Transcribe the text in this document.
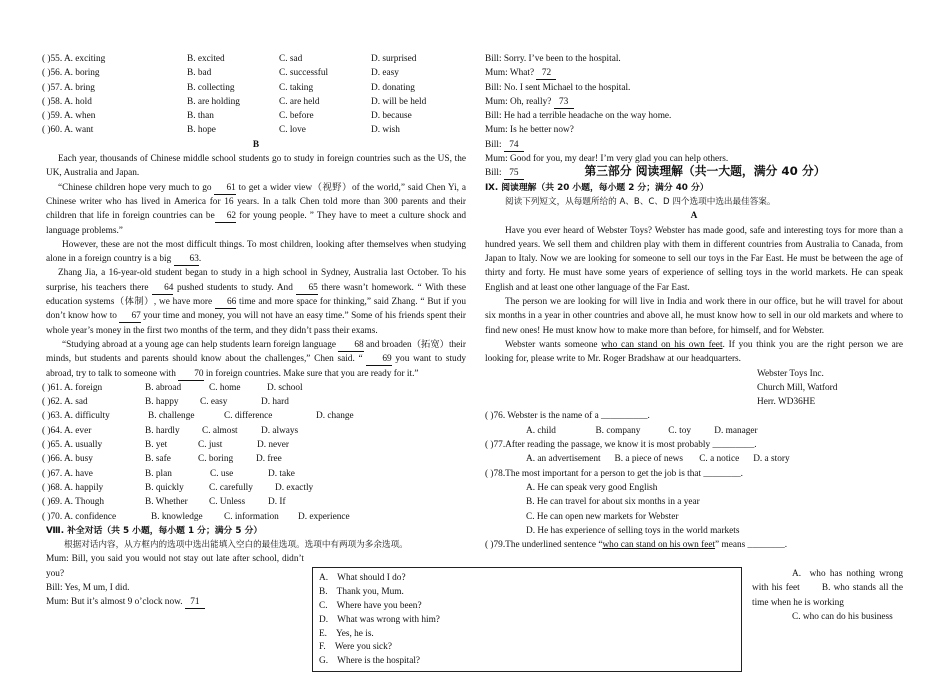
( )55. A. exciting	B. excited	C. sad	D. surprised
( )56. A. boring	B. bad	C. successful	D. easy
( )57. A. bring	B. collecting	C. taking	D. donating
( )58. A. hold	B. are holding	C. are held	D. will be held
( )59. A. when	B. than	C. before	D. because
( )60. A. want	B. hope	C. love	D. wish
B

Each year, thousands of Chinese middle school students go to study in foreign countries such as the US, the UK, Australia and Japan.

“Chinese children hope very much to go 61 to get a wider view（视野）of the world,” said Chen Yi, a Chinese writer who has lived in America for 16 years. In a talk Chen told more than 300 parents and their children that life in foreign countries can be 62 for young people. ” They have to meet a culture shock and language problems.”

However, these are not the most difficult things. To most children, looking after themselves when studying alone in a foreign country is a big 63.

Zhang Jia, a 16-year-old student began to study in a high school in Sydney, Australia last October. To his surprise, his teachers there 64 pushed students to study. And 65 there wasn’t homework. “ With these education systems（体制）, we have more 66 time and more space for thinking,” said Zhang. “ But if you don’t know how to 67 your time and money, you will not have an easy time.” Some of his friends spent their whole year’s money in the first two months of the term, and they didn’t pass their exams.

“Studying abroad at a young age can help students learn foreign language 68 and broaden（拓宽）their minds, but students and parents should know about the challenges,” Chen said. “ 69 you want to study abroad, try to talk to someone with 70 in foreign countries. Make sure that you are ready for it.”

( )61. A. foreign	B. abroad	C. home	D. school
( )62. A. sad	B. happy C. easy	D. hard
( )63. A. difficulty	B. challenge	C. difference	D. change
( )64. A. ever	B. hardly C. almost	D. always
( )65. A. usually	B. yet	C. just	D. never
( )66. A. busy	B. safe	C. boring D. free
( )67. A. have	B. plan	C. use	D. take
( )68. A. happily	B. quickly	C. carefully D. exactly
( )69. A. Though	B. Whether C. Unless D. If
( )70. A. confidence	B. knowledge C. information D. experience
Ⅷ. 补全对话（共 5 小题，每小题 1 分；满分 5 分）
根据对话内容，从方框内的选项中选出能填入空白的最佳选项。选项中有两项为多余选项。
Mum: Bill, you said you would not stay out late after school, didn’t you?
Bill: Yes, M um, I did.
Mum: But it’s almost 9 o’clock now. 71
A.    What should I do?
B.    Thank you, Mum.
C.    Where have you been?
D.    What was wrong with him?
E.    Yes, he is.
F.    Were you sick?
G.    Where is the hospital?
Bill: Sorry. I’ve been to the hospital.
Mum: What? 72
Bill: No. I sent Michael to the hospital.
Mum: Oh, really? 73
Bill: He had a terrible headache on the way home.
Mum: Is he better now?
Bill: 74
Mum: Good for you, my dear! I’m very glad you can help others.
Bill: 75	第三部分 阅读理解（共一大题，满分 40 分）
Ⅸ. 阅读理解（共 20 小题，每小题 2 分；满分 40 分）
阅读下列短文，从每题所给的 A、B、C、D 四个选项中选出最佳答案。
A

Have you ever heard of Webster Toys? Webster has made good, safe and interesting toys for more than a hundred years. We sell them and children play with them in different countries from Australia to Canada, from Japan to Italy. Now we are looking for someone to sell our toys in the Far East. He must be between the age of thirty and forty. He must have some years of experience of selling toys in the world markets. He can speak English and at least one other language of the Far East.

The person we are looking for will live in India and work there in our office, but he will travel for about six months in a year in other countries and above all, he must know how to sell in our old markets and where to find new ones! He must know how to make more than before, for himself, and for Webster.

Webster wants someone who can stand on his own feet. If you think you are the right person we are looking for, please write to Mr. Roger Bradshaw at our headquarters.

Webster Toys Inc.
Church Mill, Watford
Herr. WD36HE
( )76. Webster is the name of a __________.
A. child                 B. company            C. toy          D. manager
( )77.After reading the passage, we know it is most probably _________.
A. an advertisement      B. a piece of news       C. a notice      D. a story
( )78.The most important for a person to get the job is that ________.
A. He can speak very good English
B. He can travel for about six months in a year
C. He can open new markets for Webster
D. He has experience of selling toys in the world markets
( )79.The underlined sentence “who can stand on his own feet” means ________.
A.  who has nothing wrong with his feet       B. who stands all the time when he is working
C. who can do his business
